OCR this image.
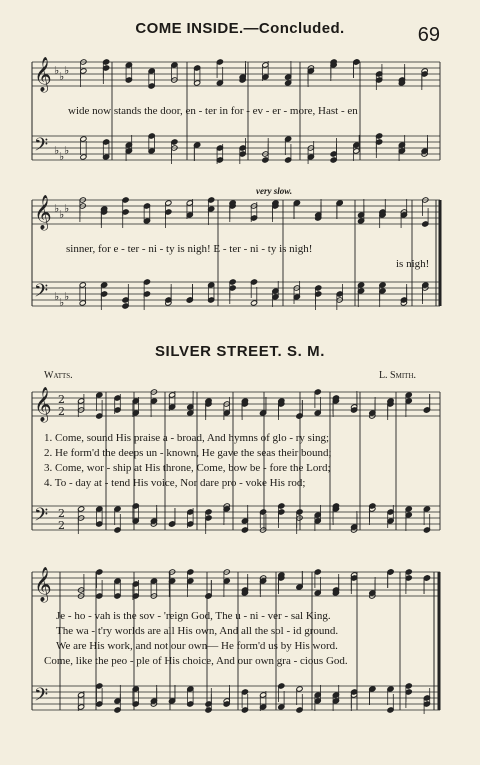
𝄞
𝄢
♭
♭
♭
♭
♭
♭
𝄞
𝄢
♭
♭
♭
♭
♭
♭
𝄞
𝄢
2
2
2
2
𝄞
𝄢
COME INSIDE.—Concluded.	69
wide now stands the door, en - ter in for - ev - er - more, Hast - en
very slow.
sinner, for e - ter - ni - ty is nigh! E - ter - ni - ty is nigh!
is nigh!
SILVER STREET. S. M.
Watts.	L. Smith.
1. Come, sound His praise a - broad, And hymns of glo - ry sing;
2. He form'd the deeps un - known, He gave the seas their bound;
3. Come, wor - ship at His throne, Come, bow be - fore the Lord;
4. To - day at - tend His voice, Nor dare pro - voke His rod;
Je - ho - vah is the sov - 'reign God, The u - ni - ver - sal King.
The wa - t'ry worlds are all His own, And all the sol - id ground.
We are His work, and not our own— He form'd us by His word.
Come, like the peo - ple of His choice, And our own gra - cious God.
